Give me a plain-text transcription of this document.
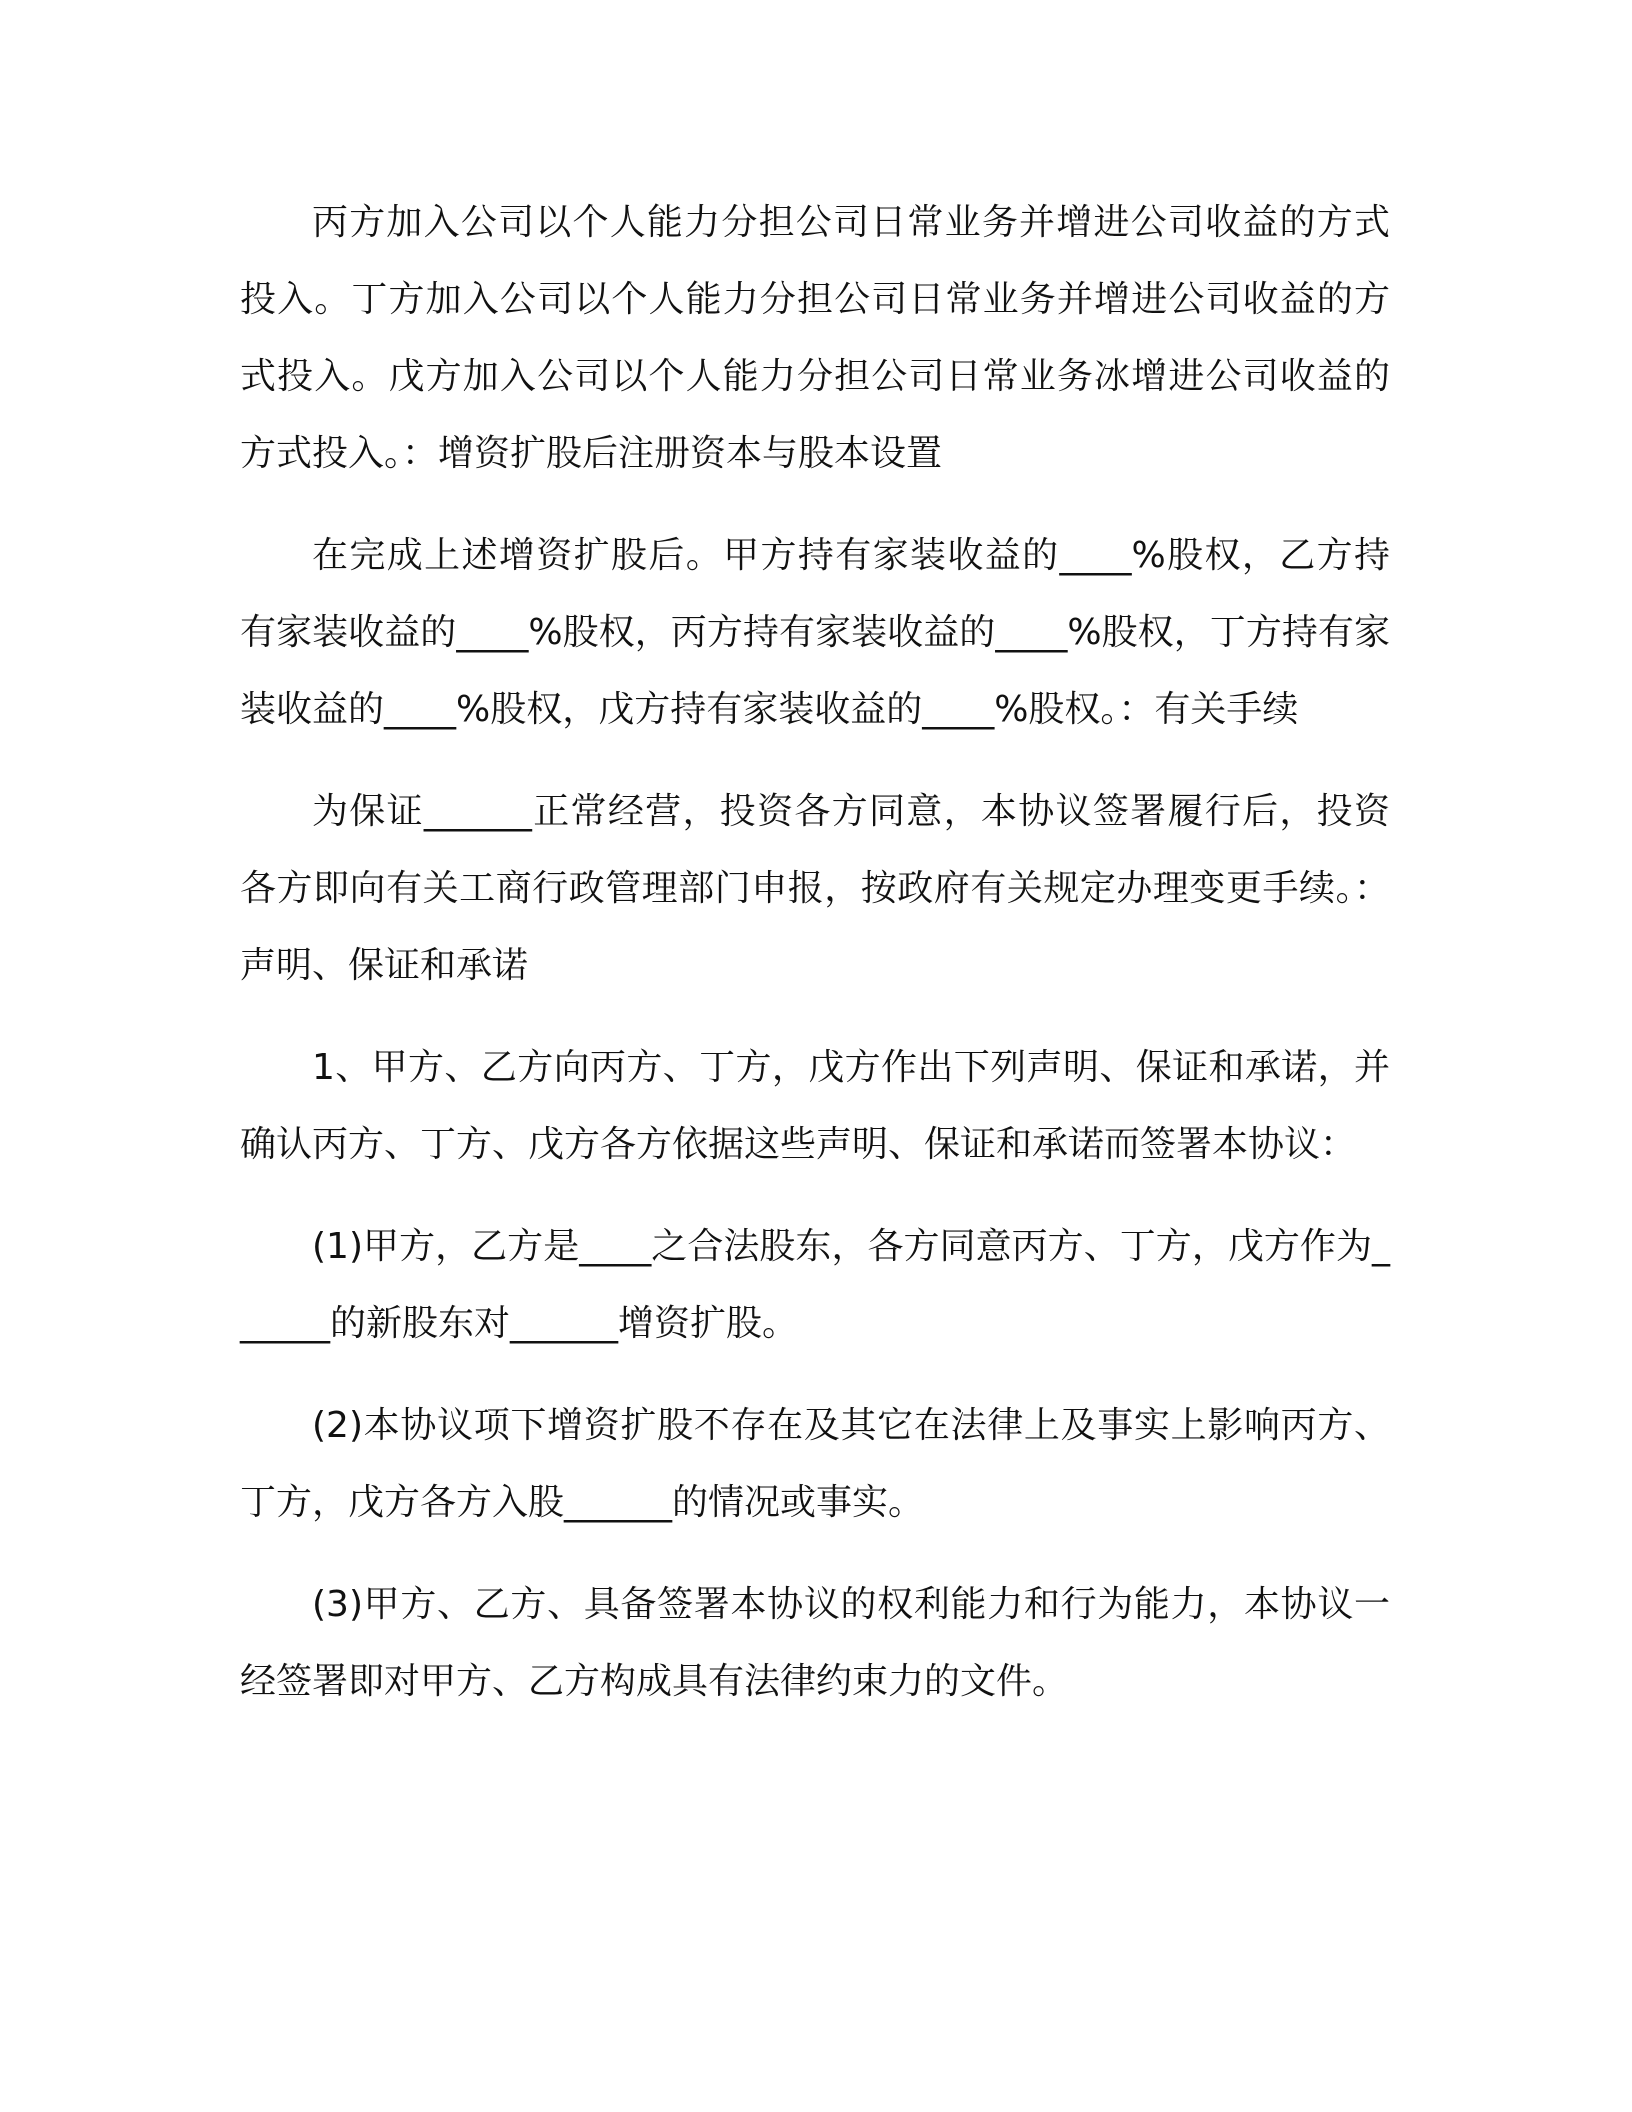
丙方加入公司以个人能力分担公司日常业务并增进公司收益的方式投入。丁方加入公司以个人能力分担公司日常业务并增进公司收益的方式投入。戊方加入公司以个人能力分担公司日常业务冰增进公司收益的方式投入。：增资扩股后注册资本与股本设置

在完成上述增资扩股后。甲方持有家装收益的____%股权，乙方持有家装收益的____%股权，丙方持有家装收益的____%股权，丁方持有家装收益的____%股权，戊方持有家装收益的____%股权。：有关手续

为保证______正常经营，投资各方同意，本协议签署履行后，投资各方即向有关工商行政管理部门申报，按政府有关规定办理变更手续。：声明、保证和承诺

1、甲方、乙方向丙方、丁方，戊方作出下列声明、保证和承诺，并确认丙方、丁方、戊方各方依据这些声明、保证和承诺而签署本协议：

(1)甲方，乙方是____之合法股东，各方同意丙方、丁方，戊方作为______的新股东对______增资扩股。

(2)本协议项下增资扩股不存在及其它在法律上及事实上影响丙方、丁方，戊方各方入股______的情况或事实。

(3)甲方、乙方、具备签署本协议的权利能力和行为能力，本协议一经签署即对甲方、乙方构成具有法律约束力的文件。
